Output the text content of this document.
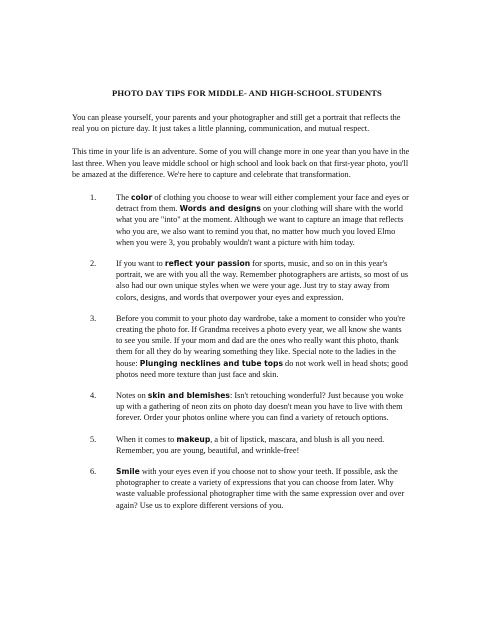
PHOTO DAY TIPS FOR MIDDLE- AND HIGH-SCHOOL STUDENTS

You can please yourself, your parents and your photographer and still get a portrait that reflects the real you on picture day. It just takes a little planning, communication, and mutual respect.

This time in your life is an adventure. Some of you will change more in one year than you have in the last three. When you leave middle school or high school and look back on that first-year photo, you'll be amazed at the difference. We're here to capture and celebrate that transformation.

1.	The color of clothing you choose to wear will either complement your face and eyes or detract from them. Words and designs on your clothing will share with the world what you are "into" at the moment. Although we want to capture an image that reflects who you are, we also want to remind you that, no matter how much you loved Elmo when you were 3, you probably wouldn't want a picture with him today.
2.	If you want to reflect your passion for sports, music, and so on in this year's portrait, we are with you all the way. Remember photographers are artists, so most of us also had our own unique styles when we were your age. Just try to stay away from colors, designs, and words that overpower your eyes and expression.
3.	Before you commit to your photo day wardrobe, take a moment to consider who you're creating the photo for. If Grandma receives a photo every year, we all know she wants to see you smile. If your mom and dad are the ones who really want this photo, thank them for all they do by wearing something they like. Special note to the ladies in the house: Plunging necklines and tube tops do not work well in head shots; good photos need more texture than just face and skin.
4.	Notes on skin and blemishes: Isn't retouching wonderful? Just because you woke up with a gathering of neon zits on photo day doesn't mean you have to live with them forever. Order your photos online where you can find a variety of retouch options.
5.	When it comes to makeup, a bit of lipstick, mascara, and blush is all you need. Remember, you are young, beautiful, and wrinkle-free!
6.	Smile with your eyes even if you choose not to show your teeth. If possible, ask the photographer to create a variety of expressions that you can choose from later. Why waste valuable professional photographer time with the same expression over and over again? Use us to explore different versions of you.
